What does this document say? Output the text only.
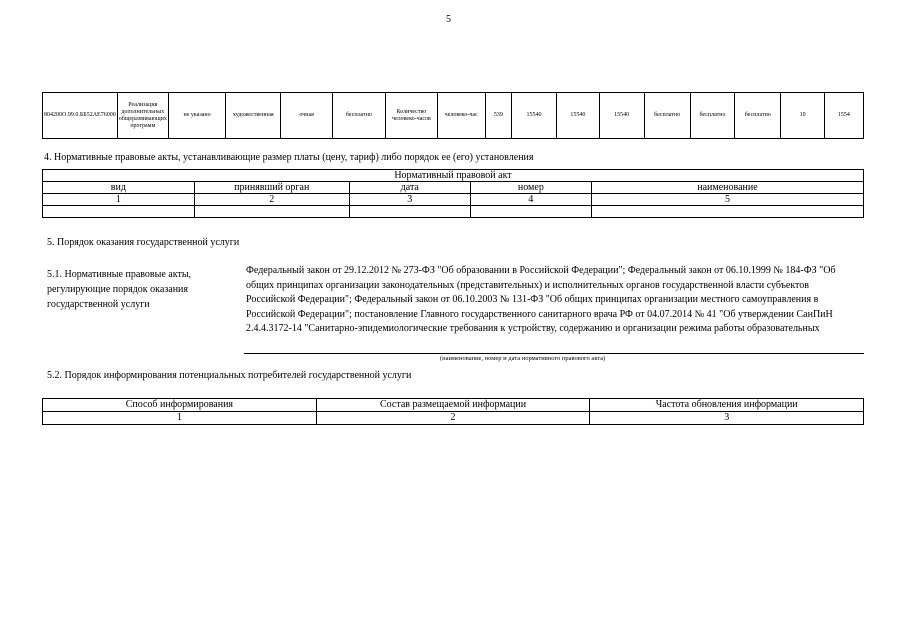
5
804200О.99.0.ББ52АЕ76000	Реализация дополнительных общеразвивающих программ	не указано	художественная	очная	бесплатно	Количество человеко-часов	человеко-час	539	15540	15540	15540	бесплатно	бесплатно	бесплатно	10	1554
4. Нормативные правовые акты, устанавливающие размер платы (цену, тариф) либо порядок ее (его) установления
Нормативный правовой акт				
вид	принявший орган	дата	номер	наименование
1	2	3	4	5

5. Порядок оказания государственной услуги
5.1. Нормативные правовые акты, регулирующие порядок оказания государственной услуги
Федеральный закон от 29.12.2012 № 273-ФЗ "Об образовании в Российской Федерации"; Федеральный закон от 06.10.1999 № 184-ФЗ "Об общих принципах организации законодательных (представительных) и исполнительных органов государственной власти субъектов Российской Федерации"; Федеральный закон от 06.10.2003 № 131-ФЗ "Об общих принципах организации местного самоуправления в Российской Федерации"; постановление Главного государственного санитарного врача РФ от 04.07.2014 № 41 "Об утверждении СанПиН 2.4.4.3172-14 "Санитарно-эпидемиологические требования к устройству, содержанию и организации режима работы образовательных
(наименование, номер и дата нормативного правового акта)
5.2. Порядок информирования потенциальных потребителей государственной услуги
Способ информирования	Состав размещаемой информации	Частота обновления информации
1	2	3
